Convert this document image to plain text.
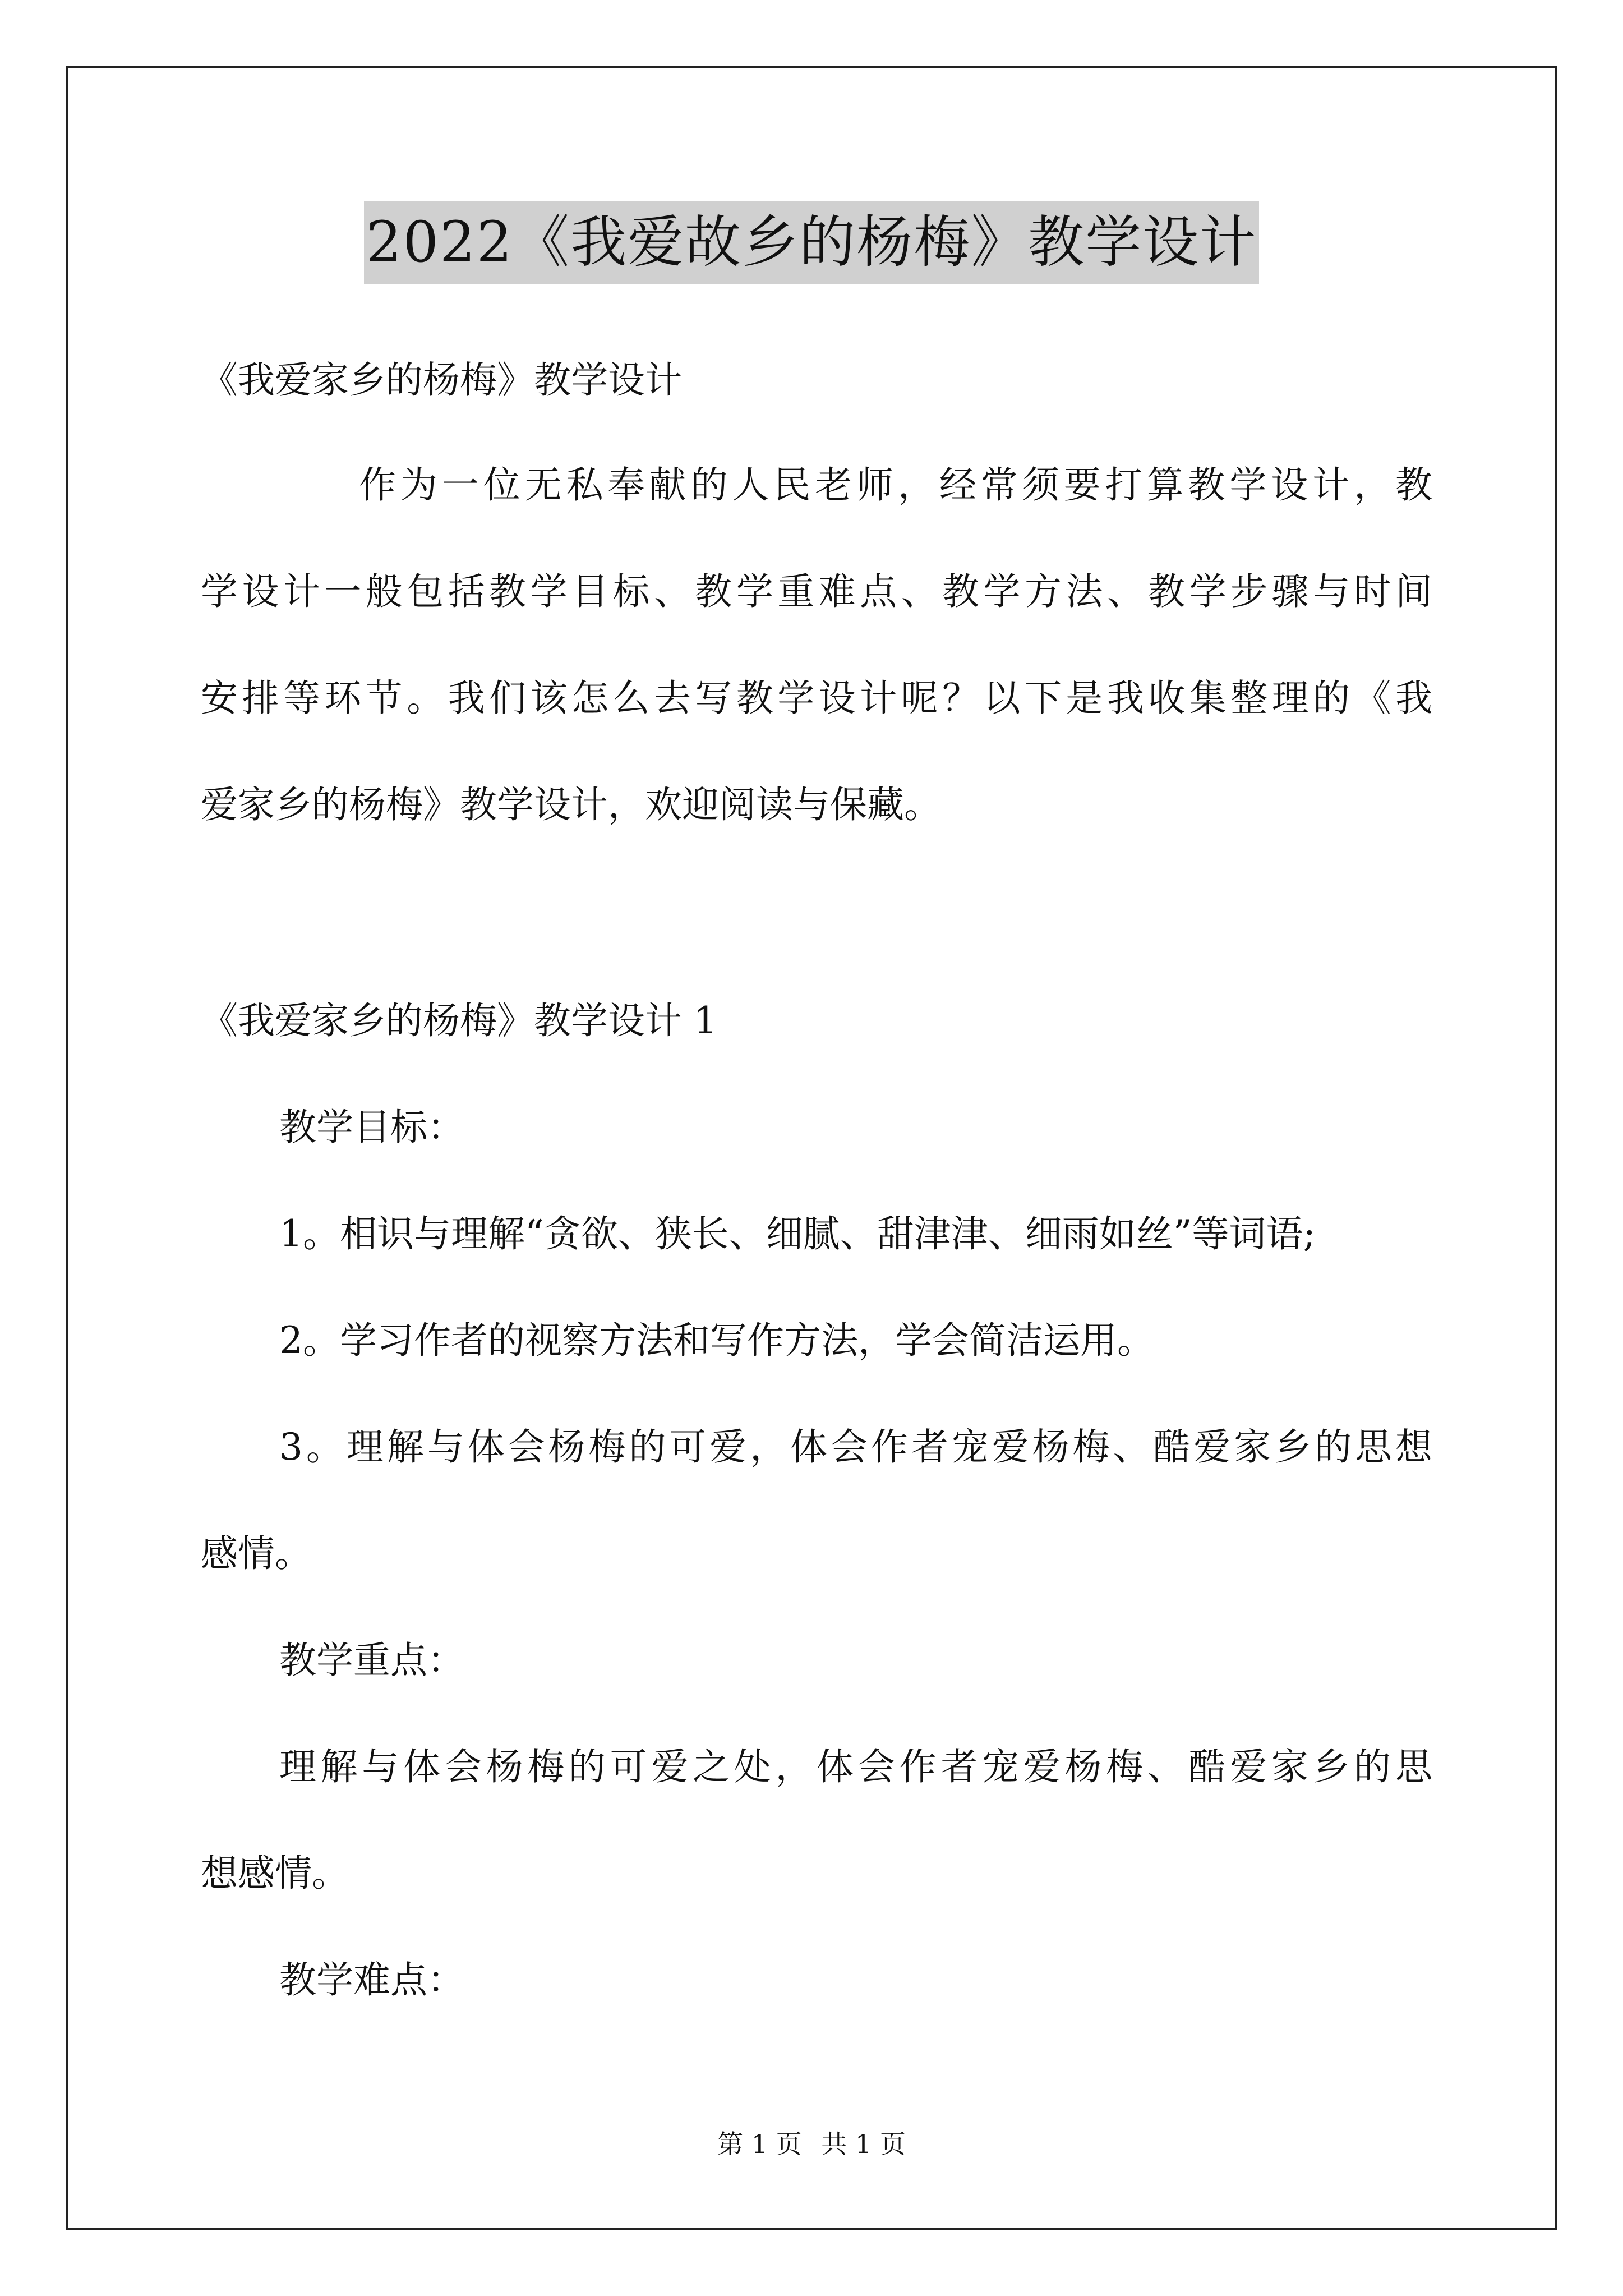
2022《我爱故乡的杨梅》教学设计
《我爱家乡的杨梅》教学设计
作为一位无私奉献的人民老师，经常须要打算教学设计，教
学设计一般包括教学目标、教学重难点、教学方法、教学步骤与时间
安排等环节。我们该怎么去写教学设计呢？以下是我收集整理的《我
爱家乡的杨梅》教学设计，欢迎阅读与保藏。
《我爱家乡的杨梅》教学设计 1
教学目标：
1。相识与理解“贪欲、狭长、细腻、甜津津、细雨如丝”等词语;
2。学习作者的视察方法和写作方法，学会简洁运用。
3。理解与体会杨梅的可爱，体会作者宠爱杨梅、酷爱家乡的思想
感情。
教学重点：
理解与体会杨梅的可爱之处，体会作者宠爱杨梅、酷爱家乡的思
想感情。
教学难点：
第 1 页 共 1 页
